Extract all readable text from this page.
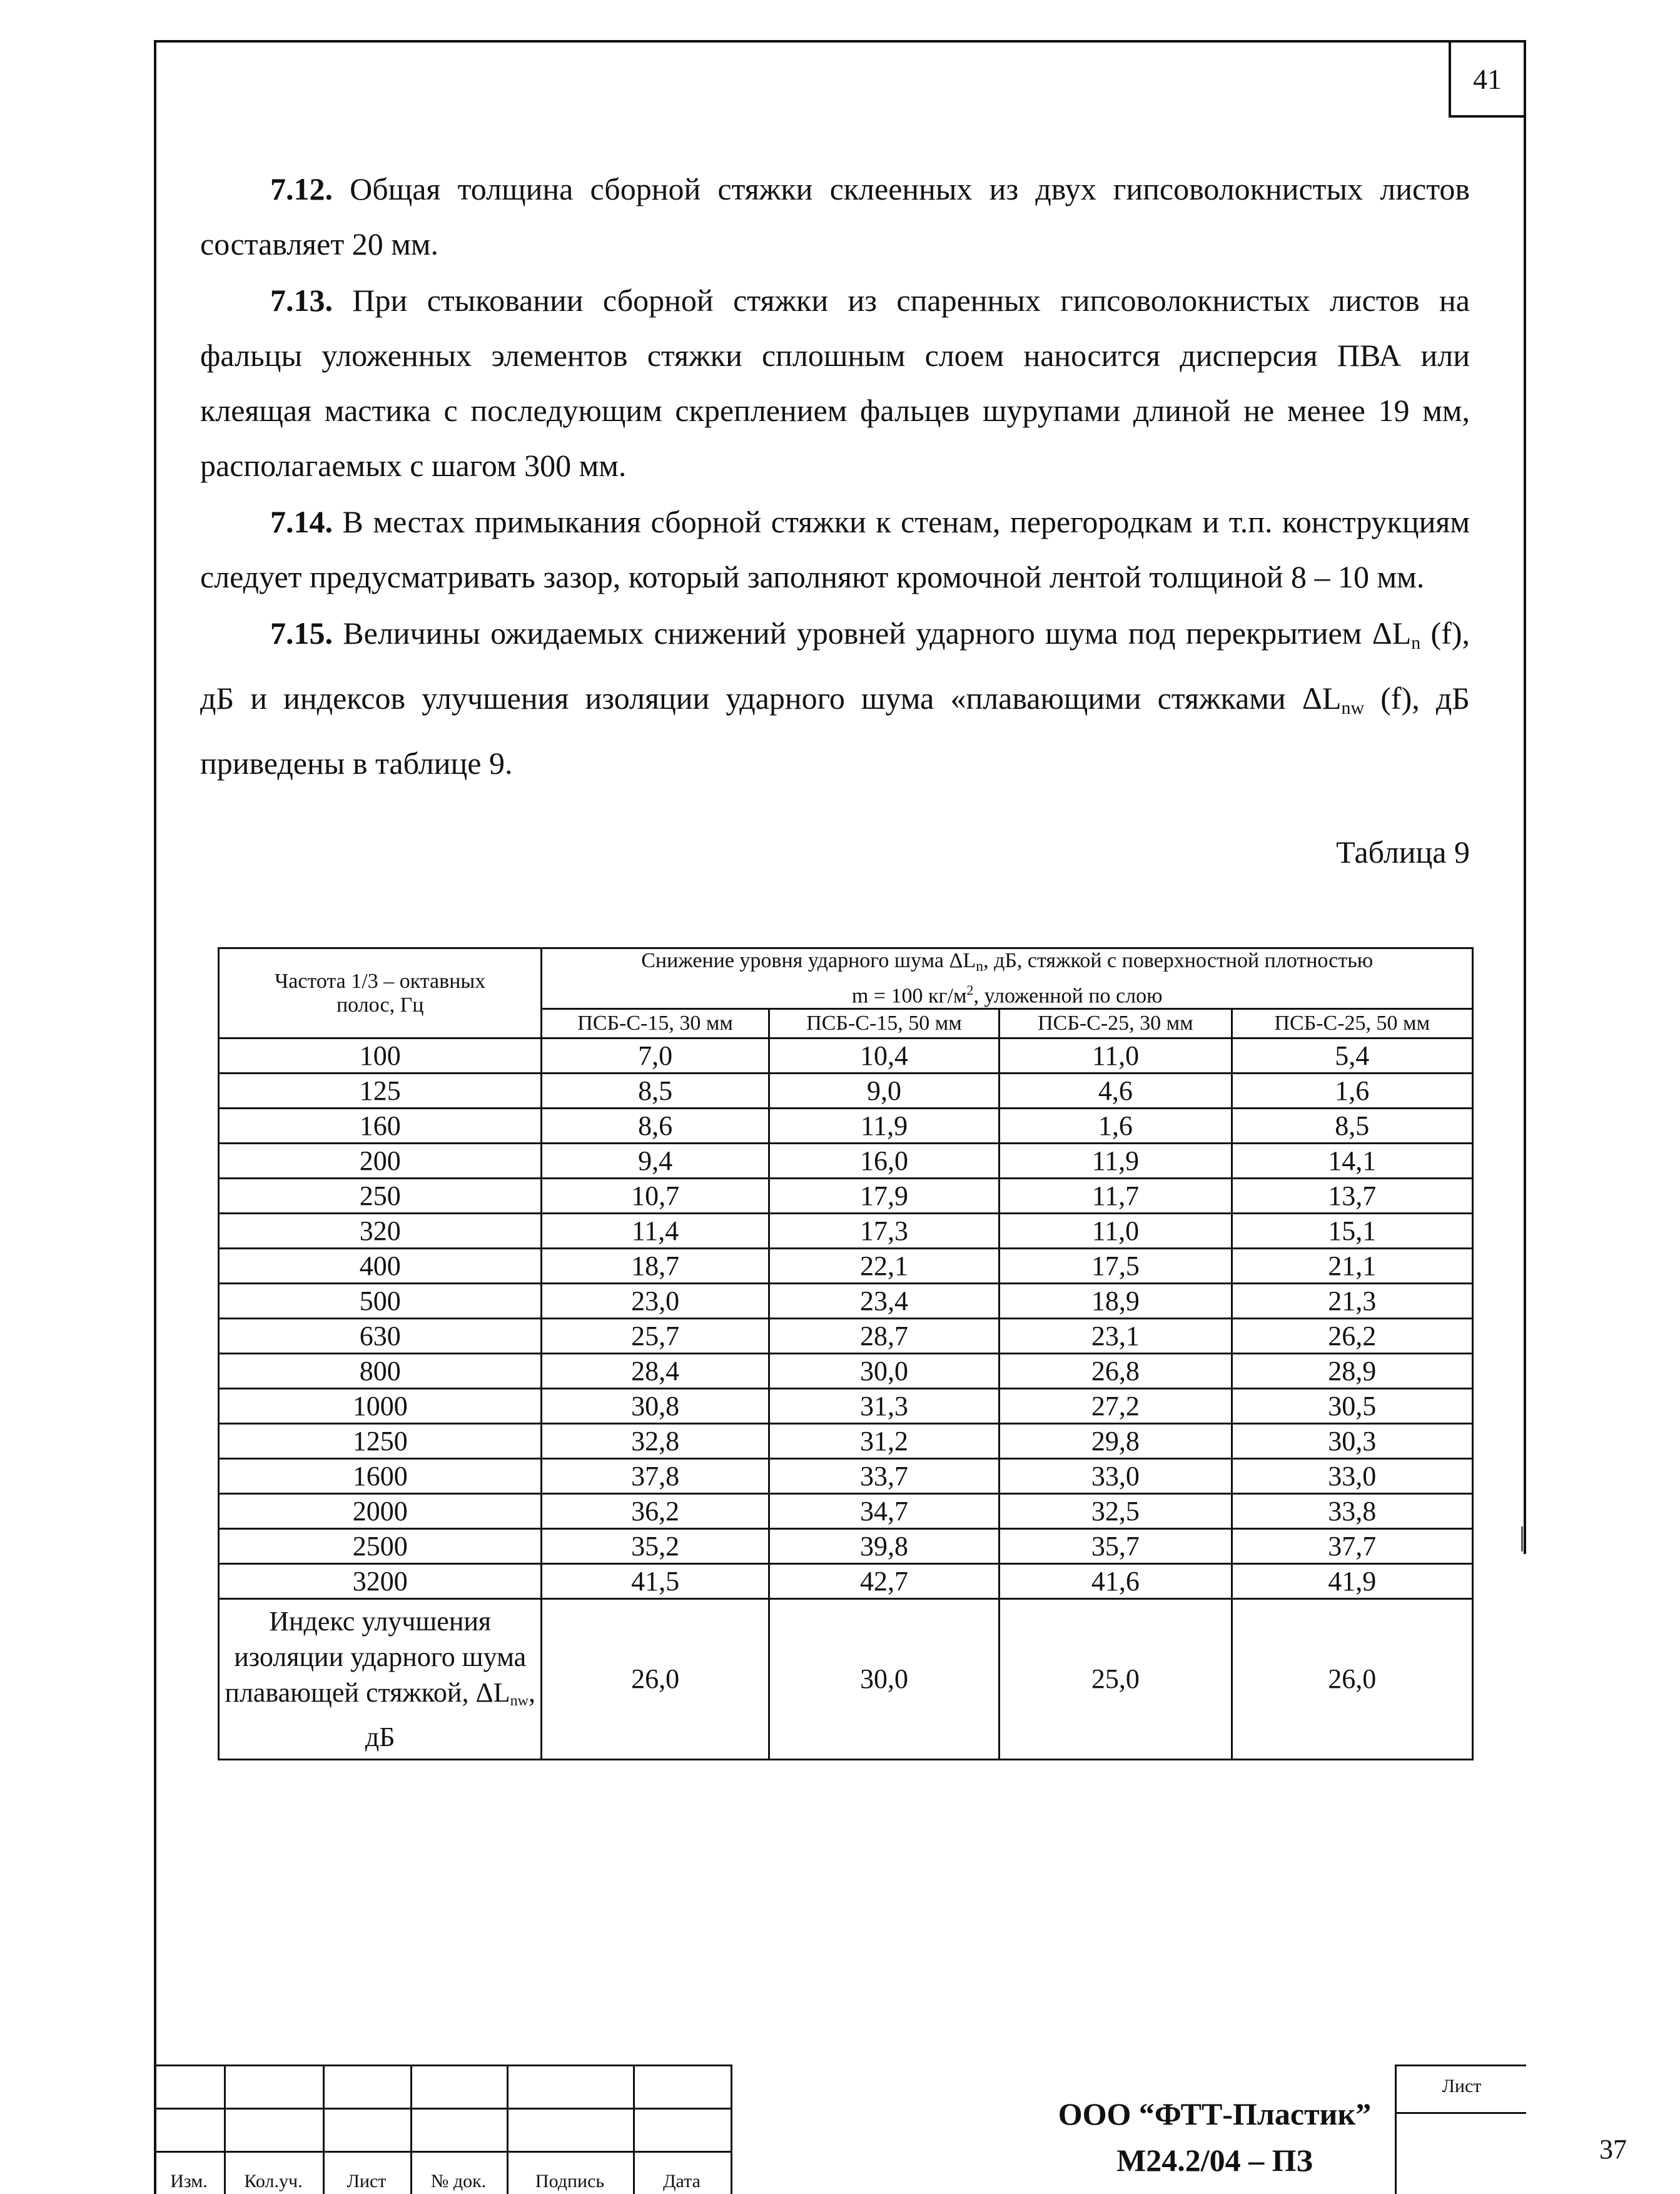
41

7.12. Общая толщина сборной стяжки склеенных из двух гипсоволокнистых листов составляет 20 мм.

7.13. При стыковании сборной стяжки из спаренных гипсоволокнистых листов на фальцы уложенных элементов стяжки сплошным слоем наносится дисперсия ПВА или клеящая мастика с последующим скреплением фальцев шурупами длиной не менее 19 мм, располагаемых с шагом 300 мм.

7.14. В местах примыкания сборной стяжки к стенам, перегородкам и т.п. конструкциям следует предусматривать зазор, который заполняют кромочной лентой толщиной 8 – 10 мм.

7.15. Величины ожидаемых снижений уровней ударного шума под перекрытием $\Delta L_n$ (f), дБ и индексов улучшения изоляции ударного шума «плавающими стяжками $\Delta L_{nw}$ (f), дБ приведены в таблице 9.

Таблица 9
Частота 1/3 – октавных полос, Гц	Снижение уровня ударного шума $\Delta L_n$, дБ, стяжкой с поверхностной плотностью
m = 100 $кг/м^2$, уложенной по слою			
	ПСБ-С-15, 30 мм	ПСБ-С-15, 50 мм	ПСБ-С-25, 30 мм	ПСБ-С-25, 50 мм
100	7,0	10,4	11,0	5,4
125	8,5	9,0	4,6	1,6
160	8,6	11,9	1,6	8,5
200	9,4	16,0	11,9	14,1
250	10,7	17,9	11,7	13,7
320	11,4	17,3	11,0	15,1
400	18,7	22,1	17,5	21,1
500	23,0	23,4	18,9	21,3
630	25,7	28,7	23,1	26,2
800	28,4	30,0	26,8	28,9
1000	30,8	31,3	27,2	30,5
1250	32,8	31,2	29,8	30,3
1600	37,8	33,7	33,0	33,0
2000	36,2	34,7	32,5	33,8
2500	35,2	39,8	35,7	37,7
3200	41,5	42,7	41,6	41,9
Индекс улучшения изоляции ударного шума плавающей стяжкой, $\Delta L_{nw}$, дБ	26,0	30,0	25,0	26,0
ООО “ФТТ-Пластик”
М24.2/04 – ПЗ
Лист
37
Изм.	Кол.уч.	Лист	№ док.	Подпись	Дата
